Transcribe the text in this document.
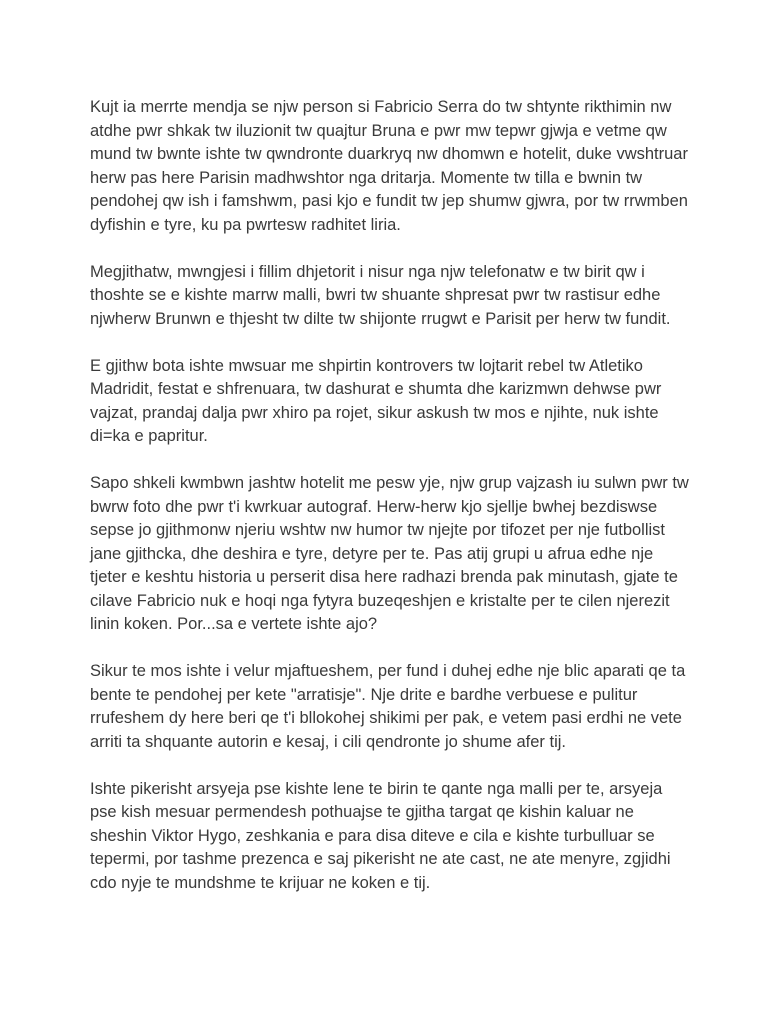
Kujt ia merrte mendja se njw person si Fabricio Serra do tw shtynte rikthimin nw atdhe pwr shkak tw iluzionit tw quajtur Bruna e pwr mw tepwr gjwja e vetme qw mund tw bwnte ishte tw qwndronte duarkryq nw dhomwn e hotelit, duke vwshtruar herw pas here Parisin madhwshtor nga dritarja. Momente tw tilla e bwnin tw pendohej qw ish i famshwm, pasi kjo e fundit tw jep shumw gjwra, por tw rrwmben dyfishin e tyre, ku pa pwrtesw radhitet liria.

Megjithatw, mwngjesi i fillim dhjetorit i nisur nga njw telefonatw e tw birit qw i thoshte se e kishte marrw malli, bwri tw shuante shpresat pwr tw rastisur edhe njwherw Brunwn e thjesht tw dilte tw shijonte rrugwt e Parisit per herw tw fundit.

E gjithw bota ishte mwsuar me shpirtin kontrovers tw lojtarit rebel tw Atletiko Madridit, festat e shfrenuara, tw dashurat e shumta dhe karizmwn dehwse pwr vajzat, prandaj dalja pwr xhiro pa rojet, sikur askush tw mos e njihte, nuk ishte di=ka e papritur.

Sapo shkeli kwmbwn jashtw hotelit me pesw yje, njw grup vajzash iu sulwn pwr tw bwrw foto dhe pwr t'i kwrkuar autograf. Herw-herw kjo sjellje bwhej bezdiswse sepse jo gjithmonw njeriu wshtw nw humor tw njejte por tifozet per nje futbollist jane gjithcka, dhe deshira e tyre, detyre per te. Pas atij grupi u afrua edhe nje tjeter e keshtu historia u perserit disa here radhazi brenda pak minutash, gjate te cilave Fabricio nuk e hoqi nga fytyra buzeqeshjen e kristalte per te cilen njerezit linin koken. Por...sa e vertete ishte ajo?

Sikur te mos ishte i velur mjaftueshem, per fund i duhej edhe nje blic aparati qe ta bente te pendohej per kete "arratisje". Nje drite e bardhe verbuese e pulitur rrufeshem dy here beri qe t'i bllokohej shikimi per pak, e vetem pasi erdhi ne vete arriti ta shquante autorin e kesaj, i cili qendronte jo shume afer tij.

Ishte pikerisht arsyeja pse kishte lene te birin te qante nga malli per te, arsyeja pse kish mesuar permendesh pothuajse te gjitha targat qe kishin kaluar ne sheshin Viktor Hygo, zeshkania e para disa diteve e cila e kishte turbulluar se tepermi, por tashme prezenca e saj pikerisht ne ate cast, ne ate menyre, zgjidhi cdo nyje te mundshme te krijuar ne koken e tij.
